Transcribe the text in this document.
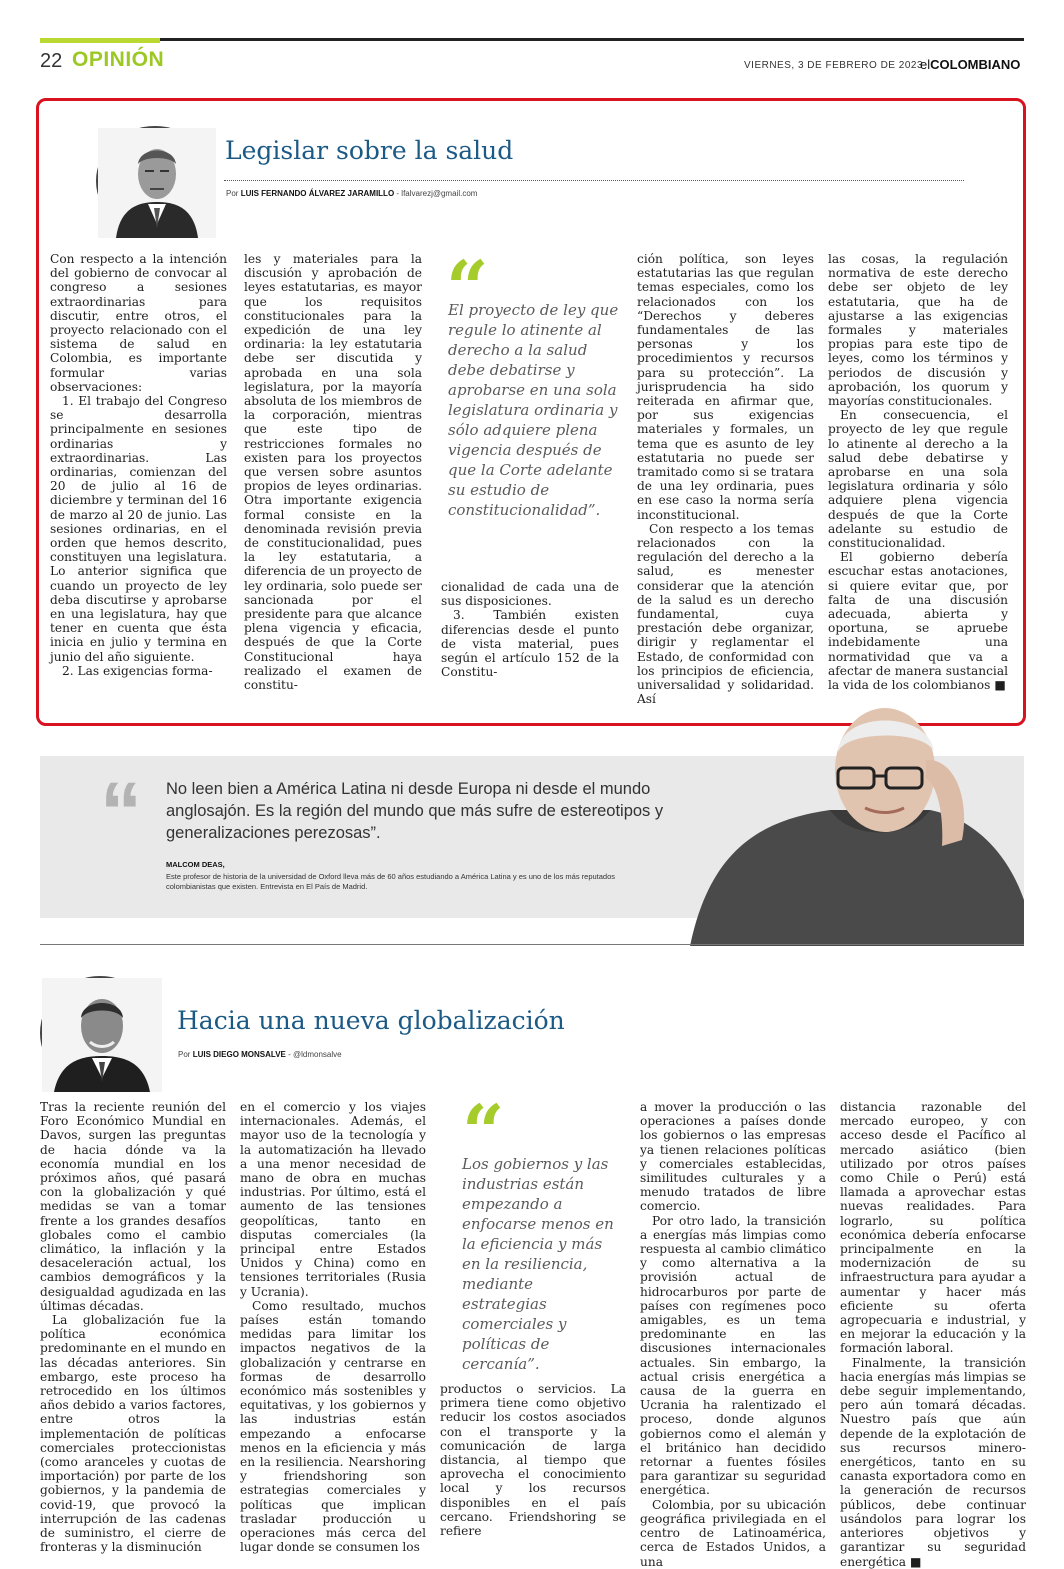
22 OPINIÓN	VIERNES, 3 DE FEBRERO DE 2023
elCOLOMBIANO
Legislar sobre la salud
Por LUIS FERNANDO ÁLVAREZ JARAMILLO - lfalvarezj@gmail.com

Con respecto a la intención del gobierno de convocar al congreso a sesiones extraordinarias para discutir, entre otros, el proyecto relacionado con el sistema de salud en Colombia, es importante formular varias observaciones:

1. El trabajo del Congreso se desarrolla principalmente en sesiones ordinarias y extraordinarias. Las ordinarias, comienzan del 20 de julio al 16 de diciembre y terminan del 16 de marzo al 20 de junio. Las sesiones ordinarias, en el orden que hemos descrito, constituyen una legislatura. Lo anterior significa que cuando un proyecto de ley deba discutirse y aprobarse en una legislatura, hay que tener en cuenta que ésta inicia en julio y termina en junio del año siguiente.

2. Las exigencias forma-

les y materiales para la discusión y aprobación de leyes estatutarias, es mayor que los requisitos constitucionales para la expedición de una ley ordinaria: la ley estatutaria debe ser discutida y aprobada en una sola legislatura, por la mayoría absoluta de los miembros de la corporación, mientras que este tipo de restricciones formales no existen para los proyectos que versen sobre asuntos propios de leyes ordinarias. Otra importante exigencia formal consiste en la denominada revisión previa de constitucionalidad, pues la ley estatutaria, a diferencia de un proyecto de ley ordinaria, solo puede ser sancionada por el presidente para que alcance plena vigencia y eficacia, después de que la Corte Constitucional haya realizado el examen de constitu-

“
El proyecto de ley que regule lo atinente al derecho a la salud debe debatirse y aprobarse en una sola legislatura ordinaria y sólo adquiere plena vigencia después de que la Corte adelante su estudio de constitucionalidad”.

cionalidad de cada una de sus disposiciones.

3. También existen diferencias desde el punto de vista material, pues según el artículo 152 de la Constitu-

ción política, son leyes estatutarias las que regulan temas especiales, como los relacionados con los “Derechos y deberes fundamentales de las personas y los procedimientos y recursos para su protección”. La jurisprudencia ha sido reiterada en afirmar que, por sus exigencias materiales y formales, un tema que es asunto de ley estatutaria no puede ser tramitado como si se tratara de una ley ordinaria, pues en ese caso la norma sería inconstitucional.

Con respecto a los temas relacionados con la regulación del derecho a la salud, es menester considerar que la atención de la salud es un derecho fundamental, cuya prestación debe organizar, dirigir y reglamentar el Estado, de conformidad con los principios de eficiencia, universalidad y solidaridad. Así

las cosas, la regulación normativa de este derecho debe ser objeto de ley estatutaria, que ha de ajustarse a las exigencias formales y materiales propias para este tipo de leyes, como los términos y periodos de discusión y aprobación, los quorum y mayorías constitucionales.

En consecuencia, el proyecto de ley que regule lo atinente al derecho a la salud debe debatirse y aprobarse en una sola legislatura ordinaria y sólo adquiere plena vigencia después de que la Corte adelante su estudio de constitucionalidad.

El gobierno debería escuchar estas anotaciones, si quiere evitar que, por falta de una discusión adecuada, abierta y oportuna, se apruebe indebidamente una normatividad que va a afectar de manera sustancial la vida de los colombianos ■

“ No leen bien a América Latina ni desde Europa ni desde el mundo anglosajón. Es la región del mundo que más sufre de estereotipos y generalizaciones perezosas”.
MALCOM DEAS,
Este profesor de historia de la universidad de Oxford lleva más de 60 años estudiando a América Latina y es uno de los más reputados colombianistas que existen. Entrevista en El País de Madrid.
Hacia una nueva globalización
Por LUIS DIEGO MONSALVE - @ldmonsalve

Tras la reciente reunión del Foro Económico Mundial en Davos, surgen las preguntas de hacia dónde va la economía mundial en los próximos años, qué pasará con la globalización y qué medidas se van a tomar frente a los grandes desafíos globales como el cambio climático, la inflación y la desaceleración actual, los cambios demográficos y la desigualdad agudizada en las últimas décadas.

La globalización fue la política económica predominante en el mundo en las décadas anteriores. Sin embargo, este proceso ha retrocedido en los últimos años debido a varios factores, entre otros la implementación de políticas comerciales proteccionistas (como aranceles y cuotas de importación) por parte de los gobiernos, y la pandemia de covid-19, que provocó la interrupción de las cadenas de suministro, el cierre de fronteras y la disminución

en el comercio y los viajes internacionales. Además, el mayor uso de la tecnología y la automatización ha llevado a una menor necesidad de mano de obra en muchas industrias. Por último, está el aumento de las tensiones geopolíticas, tanto en disputas comerciales (la principal entre Estados Unidos y China) como en tensiones territoriales (Rusia y Ucrania).

Como resultado, muchos países están tomando medidas para limitar los impactos negativos de la globalización y centrarse en formas de desarrollo económico más sostenibles y equitativas, y los gobiernos y las industrias están empezando a enfocarse menos en la eficiencia y más en la resiliencia. Nearshoring y friendshoring son estrategias comerciales y políticas que implican trasladar producción u operaciones más cerca del lugar donde se consumen los

“
Los gobiernos y las industrias están empezando a enfocarse menos en la eficiencia y más en la resiliencia, mediante estrategias comerciales y políticas de cercanía”.

productos o servicios. La primera tiene como objetivo reducir los costos asociados con el transporte y la comunicación de larga distancia, al tiempo que aprovecha el conocimiento local y los recursos disponibles en el país cercano. Friendshoring se refiere

a mover la producción o las operaciones a países donde los gobiernos o las empresas ya tienen relaciones políticas y comerciales establecidas, similitudes culturales y a menudo tratados de libre comercio.

Por otro lado, la transición a energías más limpias como respuesta al cambio climático y como alternativa a la provisión actual de hidrocarburos por parte de países con regímenes poco amigables, es un tema predominante en las discusiones internacionales actuales. Sin embargo, la actual crisis energética a causa de la guerra en Ucrania ha ralentizado el proceso, donde algunos gobiernos como el alemán y el británico han decidido retornar a fuentes fósiles para garantizar su seguridad energética.

Colombia, por su ubicación geográfica privilegiada en el centro de Latinoamérica, cerca de Estados Unidos, a una

distancia razonable del mercado europeo, y con acceso desde el Pacífico al mercado asiático (bien utilizado por otros países como Chile o Perú) está llamada a aprovechar estas nuevas realidades. Para lograrlo, su política económica debería enfocarse principalmente en la modernización de su infraestructura para ayudar a aumentar y hacer más eficiente su oferta agropecuaria e industrial, y en mejorar la educación y la formación laboral.

Finalmente, la transición hacia energías más limpias se debe seguir implementando, pero aún tomará décadas. Nuestro país que aún depende de la explotación de sus recursos minero-energéticos, tanto en su canasta exportadora como en la generación de recursos públicos, debe continuar usándolos para lograr los anteriores objetivos y garantizar su seguridad energética ■
